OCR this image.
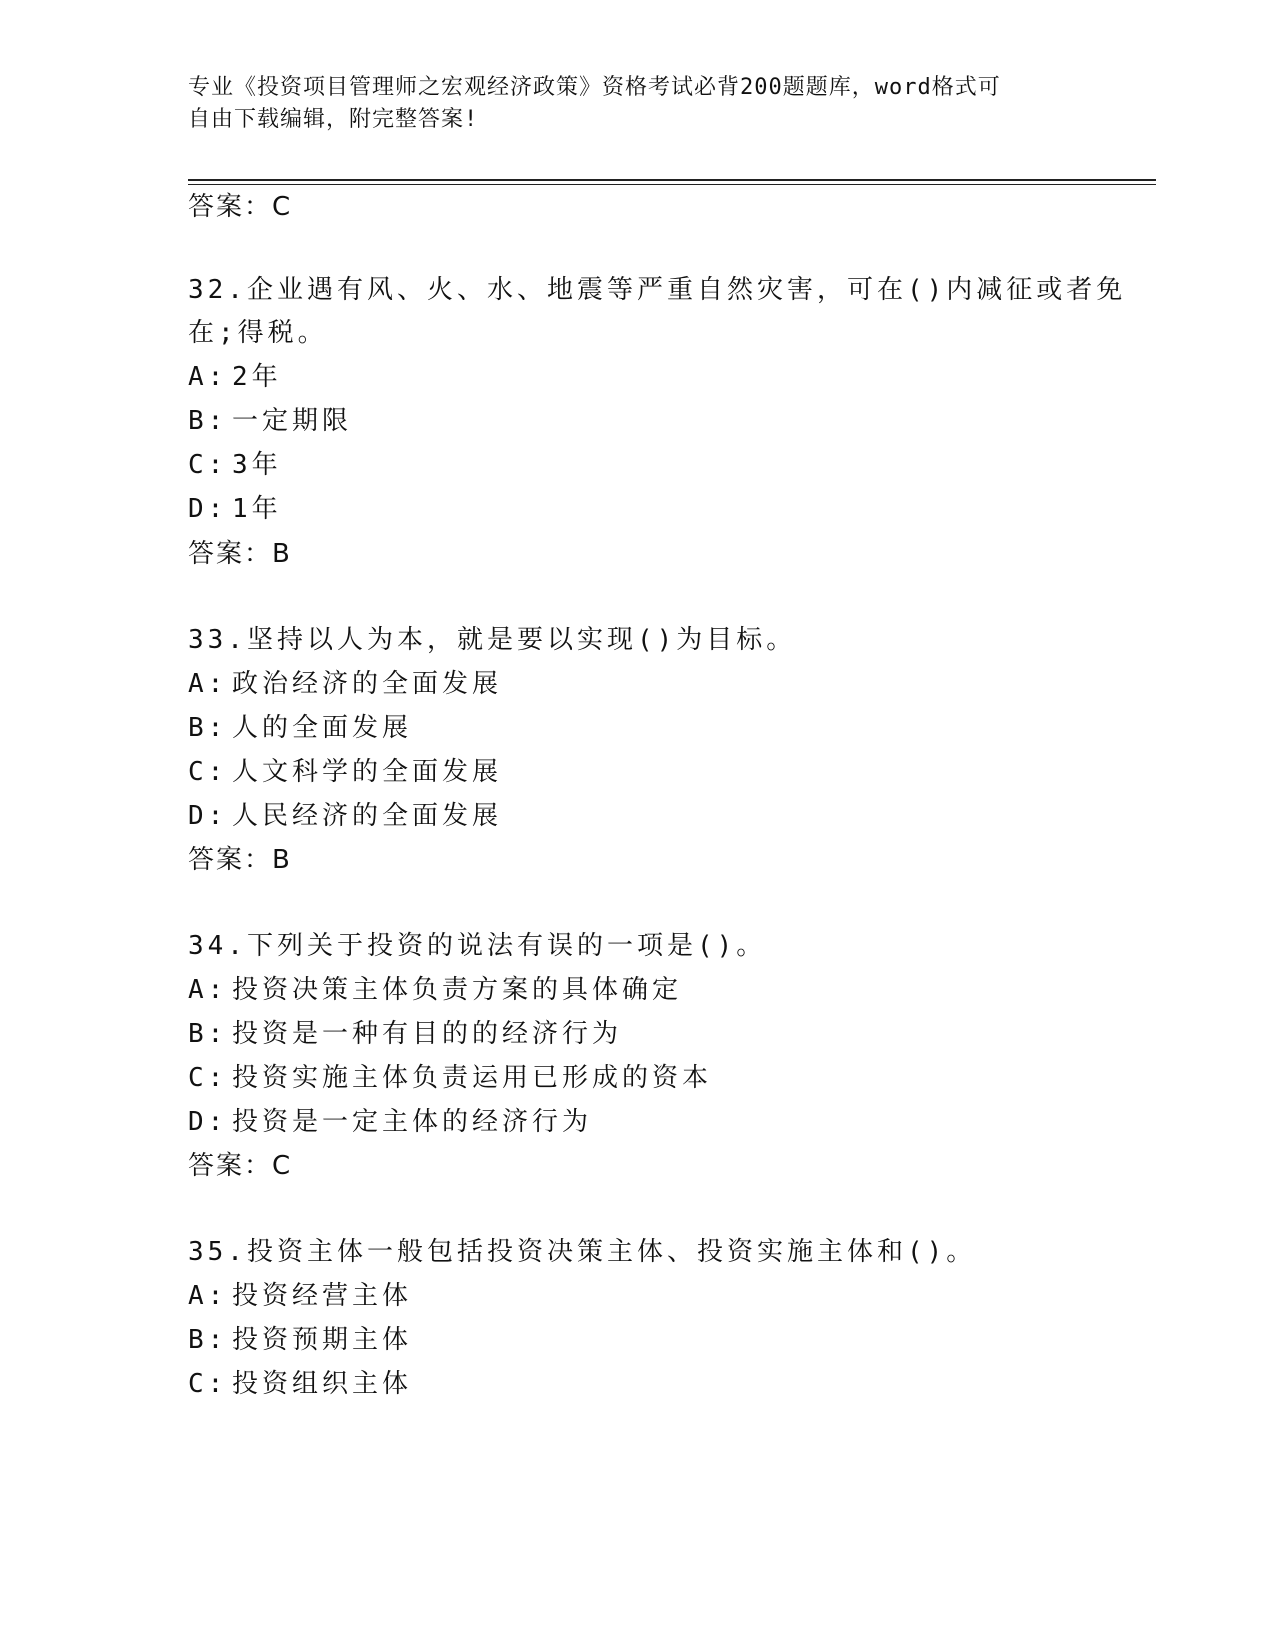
专业《投资项目管理师之宏观经济政策》资格考试必背200题题库，word格式可
自由下载编辑，附完整答案!
答案：C
32.企业遇有风、火、水、地震等严重自然灾害，可在()内减征或者免
在;得税。
A: 2年
B: 一定期限
C: 3年
D: 1年
答案：B
33.坚持以人为本，就是要以实现()为目标。
A: 政治经济的全面发展
B: 人的全面发展
C: 人文科学的全面发展
D: 人民经济的全面发展
答案：B
34.下列关于投资的说法有误的一项是()。
A: 投资决策主体负责方案的具体确定
B: 投资是一种有目的的经济行为
C: 投资实施主体负责运用已形成的资本
D: 投资是一定主体的经济行为
答案：C
35.投资主体一般包括投资决策主体、投资实施主体和()。
A: 投资经营主体
B: 投资预期主体
C: 投资组织主体
